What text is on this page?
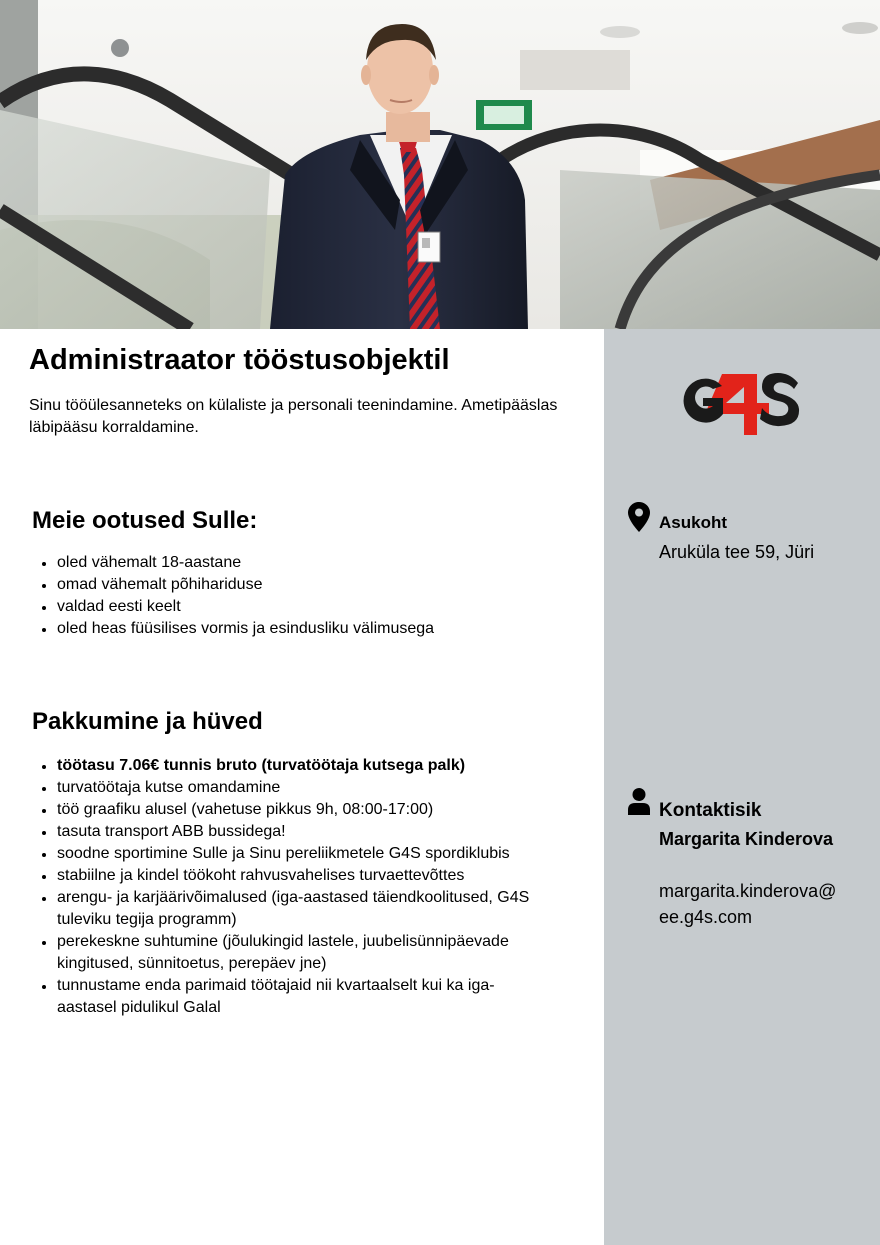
Administraator tööstusobjektil

Sinu tööülesanneteks on külaliste ja personali teenindamine. Ametipääslas läbipääsu korraldamine.

Meie ootused Sulle:
oled vähemalt 18-aastane
omad vähemalt põhihariduse
valdad eesti keelt
oled heas füüsilises vormis ja esindusliku välimusega
Pakkumine ja hüved
töötasu 7.06€ tunnis bruto (turvatöötaja kutsega palk)
turvatöötaja kutse omandamine
töö graafiku alusel (vahetuse pikkus 9h, 08:00-17:00)
tasuta transport ABB bussidega!
soodne sportimine Sulle ja Sinu pereliikmetele G4S spordiklubis
stabiilne ja kindel töökoht rahvusvahelises turvaettevõttes
arengu- ja karjäärivõimalused (iga-aastased täiendkoolitused, G4S tuleviku tegija programm)
perekeskne suhtumine (jõulukingid lastele, juubelisünnipäevade kingitused, sünnitoetus, perepäev jne)
tunnustame enda parimaid töötajaid nii kvartaalselt kui ka iga-aastasel pidulikul Galal

Asukoht

Aruküla tee 59, Jüri

Kontaktisik

Margarita Kinderova

margarita.kinderova@

ee.g4s.com
